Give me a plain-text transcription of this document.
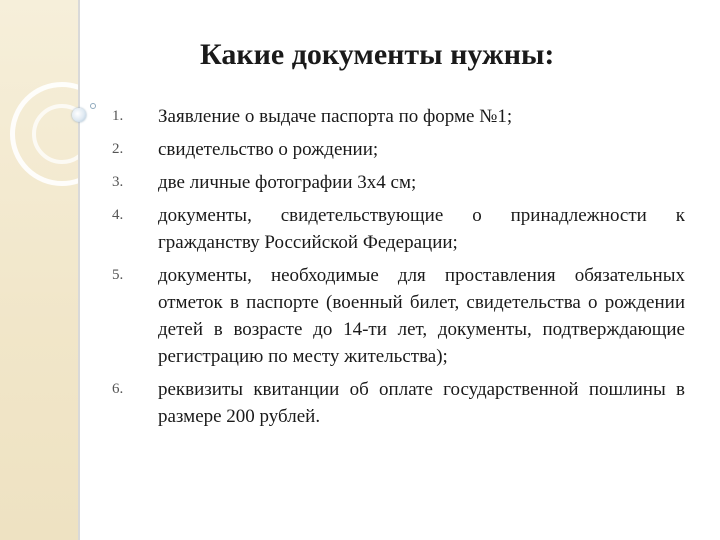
Какие документы нужны:
1. Заявление о выдаче паспорта по форме №1;
2. свидетельство о рождении;
3. две личные фотографии 3х4 см;
4. документы, свидетельствующие о принадлежности к гражданству Российской Федерации;
5. документы, необходимые для проставления обязательных отметок в паспорте (военный билет, свидетельства о рождении детей в возрасте до 14-ти лет, документы, подтверждающие регистрацию по месту жительства);
6. реквизиты квитанции об оплате государственной пошлины в размере 200 рублей.
